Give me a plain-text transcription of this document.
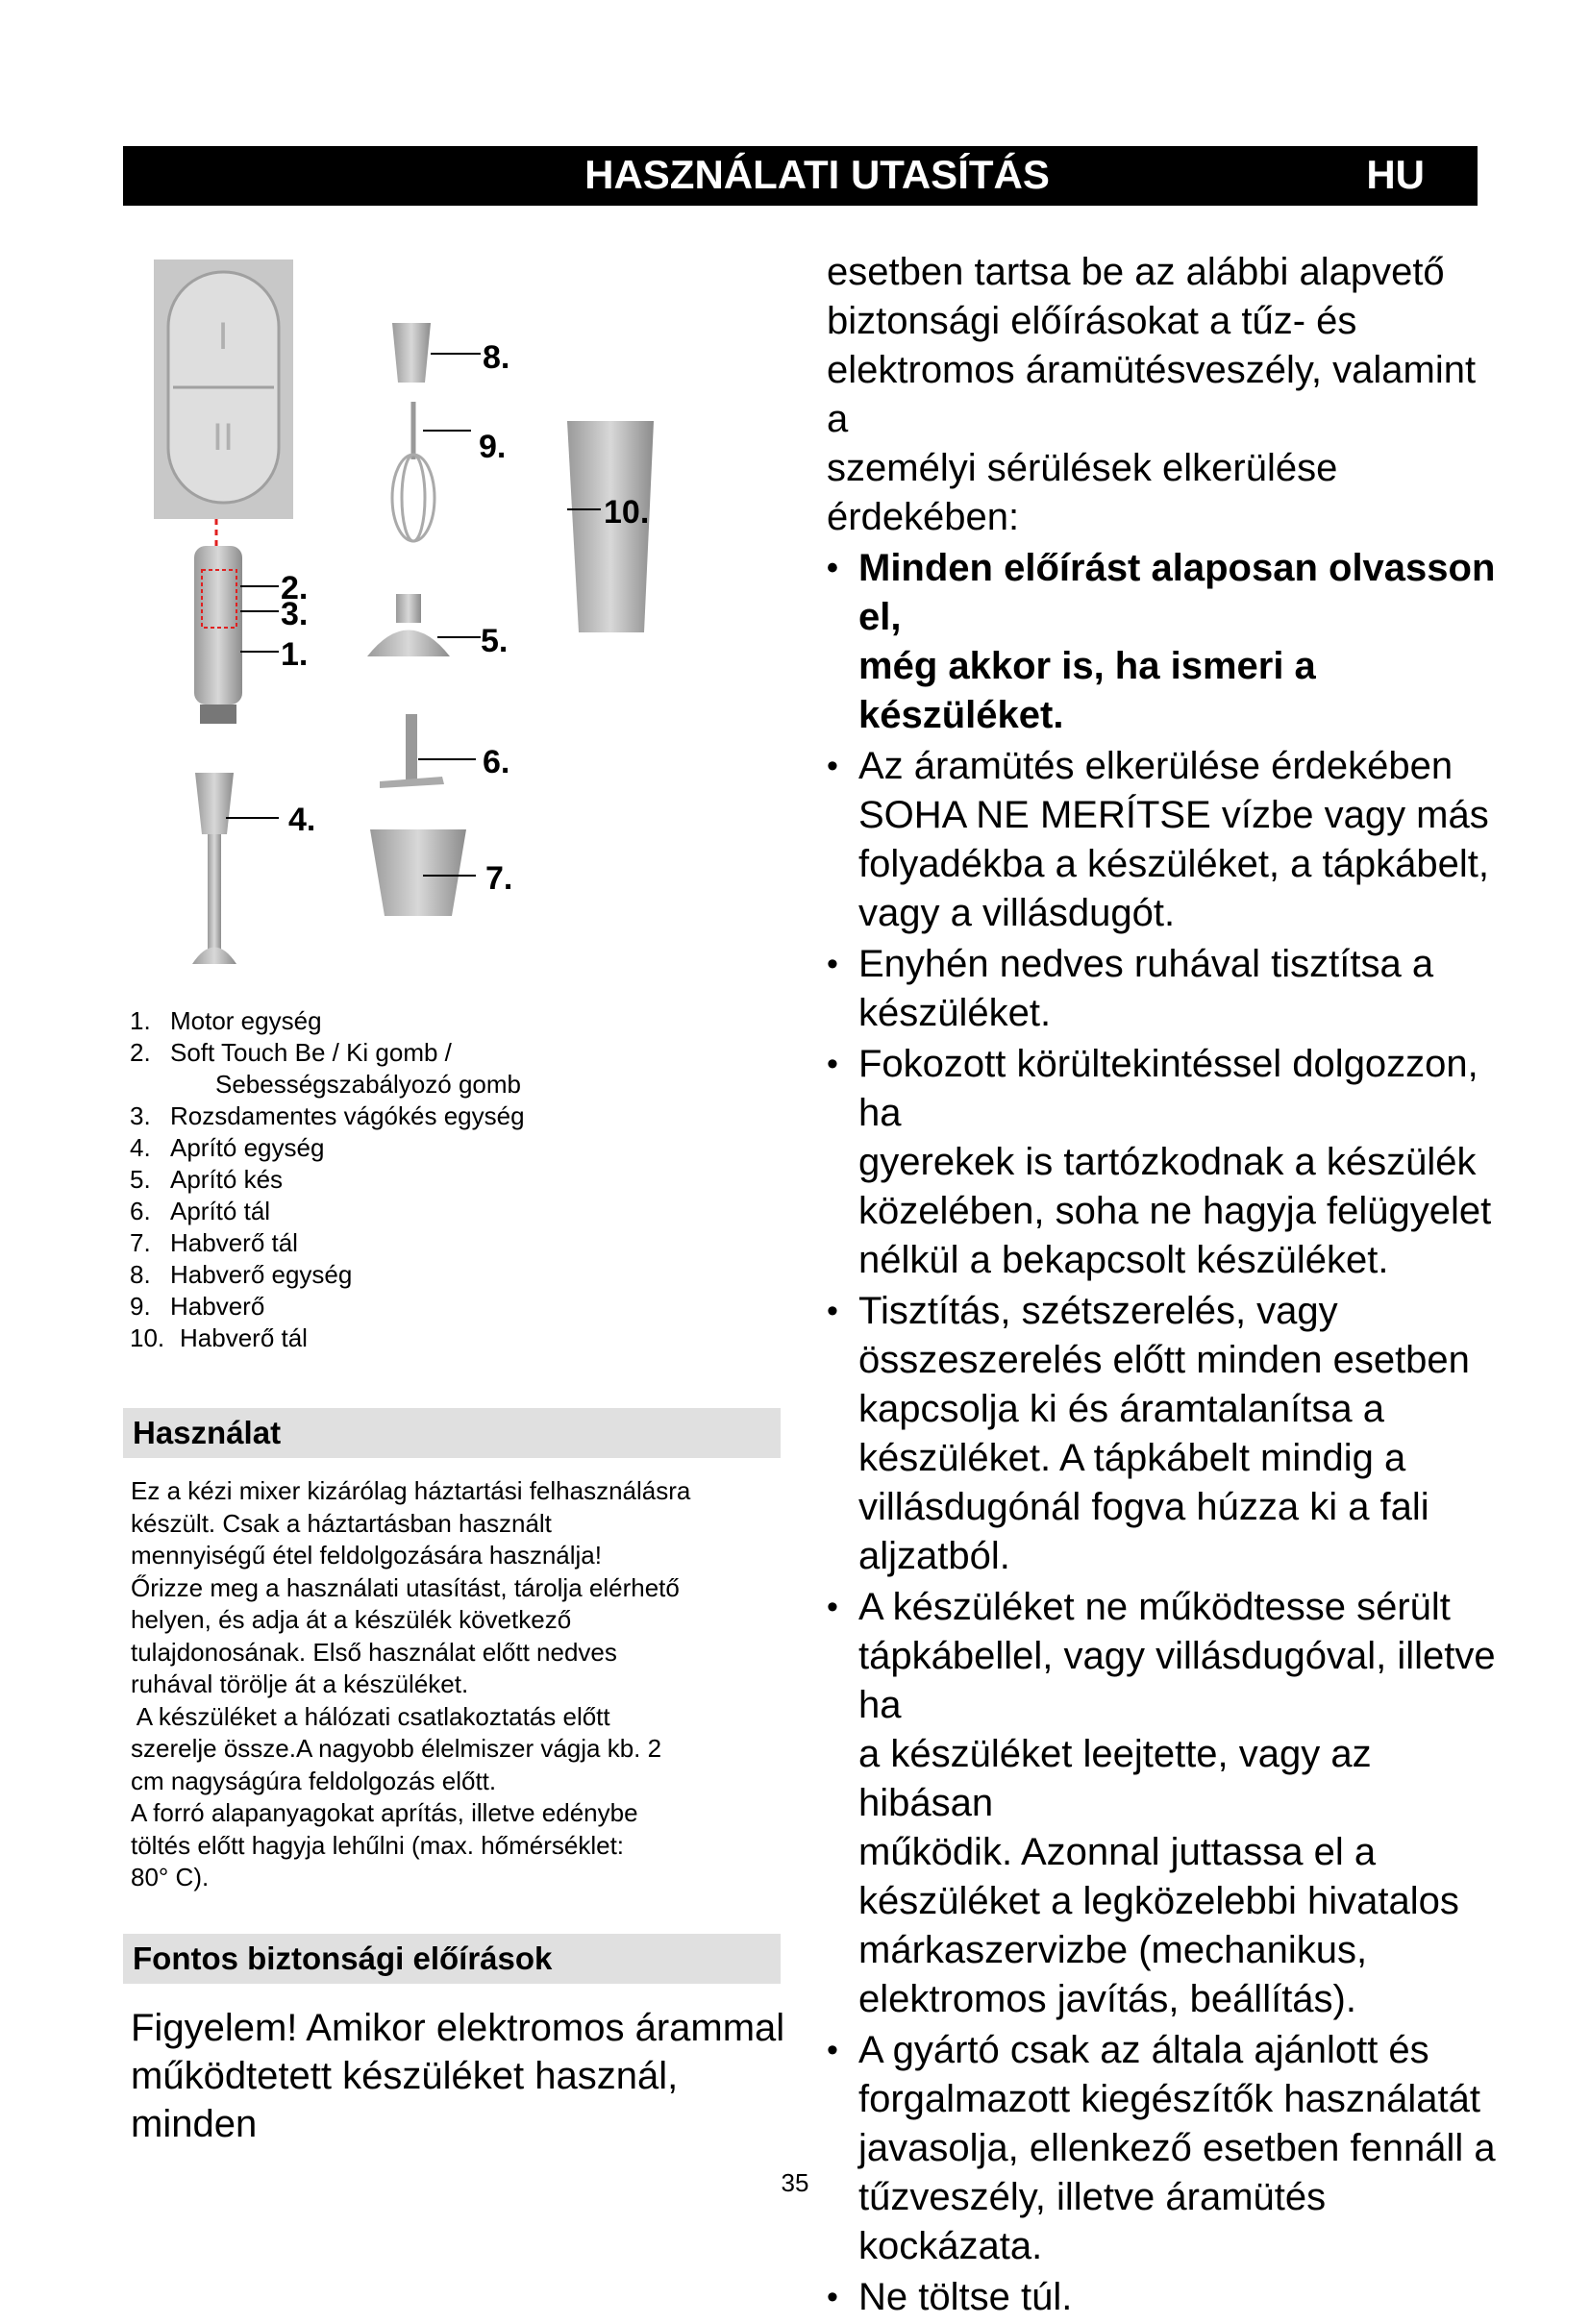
HASZNÁLATI UTASÍTÁS	HU
I
II
2.
3.
1.
4.
8.
9.
10.
5.
6.
7.
1. Motor egység
2. Soft Touch Be / Ki gomb /
Sebességszabályozó gomb
3. Rozsdamentes vágókés egység
4. Aprító egység
5. Aprító kés
6. Aprító tál
7. Habverő tál
8. Habverő egység
9. Habverő
10. Habverő tál
Használat

Ez a kézi mixer kizárólag háztartási felhasználásra

készült. Csak a háztartásban használt

mennyiségű étel feldolgozására használja!

Őrizze meg a használati utasítást, tárolja elérhető

helyen, és adja át a készülék következő

tulajdonosának. Első használat előtt nedves

ruhával törölje át a készüléket.

A készüléket a hálózati csatlakoztatás előtt

szerelje össze.A nagyobb élelmiszer vágja kb. 2

cm nagyságúra feldolgozás előtt.

A forró alapanyagokat aprítás, illetve edénybe

töltés előtt hagyja lehűlni (max. hőmérséklet:

80° C).

Fontos biztonsági előírások
Figyelem! Amikor elektromos árammal
működtetett készüléket használ, minden
esetben tartsa be az alábbi alapvető
biztonsági előírásokat a tűz- és
elektromos áramütésveszély, valamint a
személyi sérülések elkerülése
érdekében:
• Minden előírást alaposan olvasson el,
még akkor is, ha ismeri a
készüléket.
• Az áramütés elkerülése érdekében
SOHA NE MERÍTSE vízbe vagy más
folyadékba a készüléket, a tápkábelt,
vagy a villásdugót.
• Enyhén nedves ruhával tisztítsa a
készüléket.
• Fokozott körültekintéssel dolgozzon, ha
gyerekek is tartózkodnak a készülék
közelében, soha ne hagyja felügyelet
nélkül a bekapcsolt készüléket.
• Tisztítás, szétszerelés, vagy
összeszerelés előtt minden esetben
kapcsolja ki és áramtalanítsa a
készüléket. A tápkábelt mindig a
villásdugónál fogva húzza ki a fali
aljzatból.
• A készüléket ne működtesse sérült
tápkábellel, vagy villásdugóval, illetve ha
a készüléket leejtette, vagy az hibásan
működik. Azonnal juttassa el a
készüléket a legközelebbi hivatalos
márkaszervizbe (mechanikus,
elektromos javítás, beállítás).
• A gyártó csak az általa ajánlott és
forgalmazott kiegészítők használatát
javasolja, ellenkező esetben fennáll a
tűzveszély, illetve áramütés
kockázata.
• Ne töltse túl.
35
